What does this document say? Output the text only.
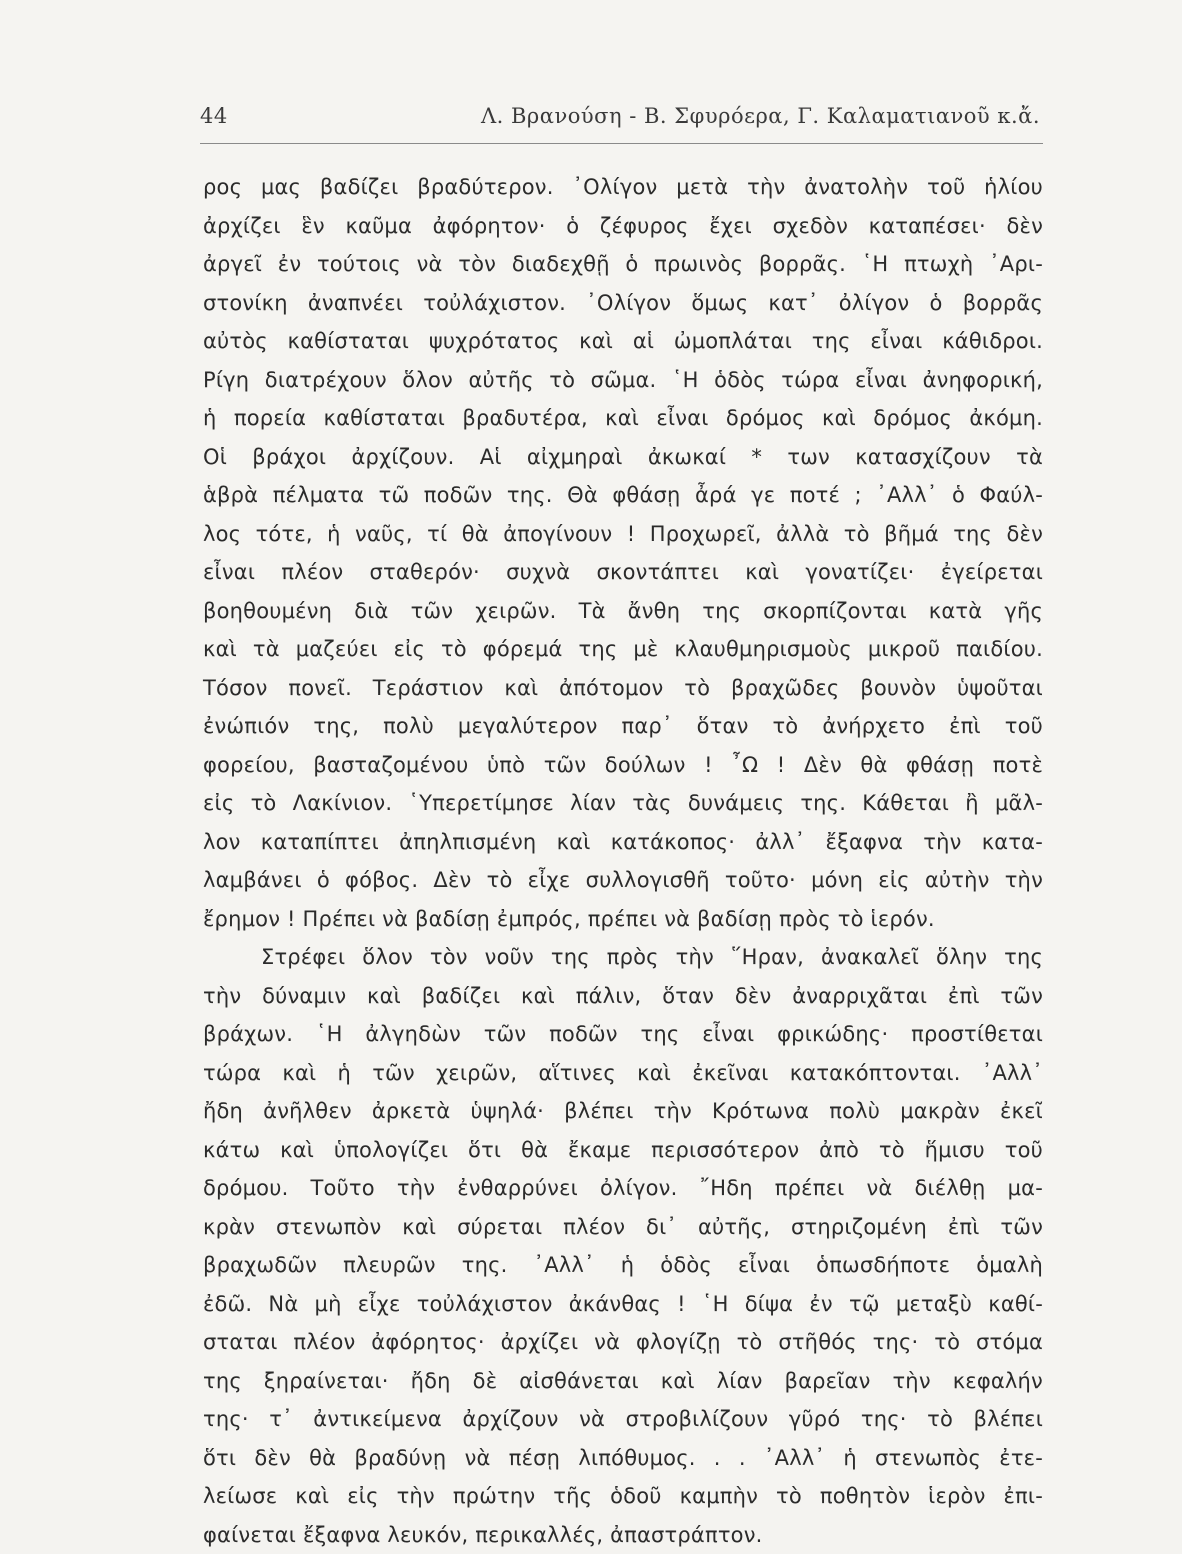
44	Λ. Βρανούση - Β. Σφυρόερα, Γ. Καλαματιανοῦ κ.ἄ.
ρος μας βαδίζει βραδύτερον. ᾿Ολίγον μετὰ τὴν ἀνατολὴν τοῦ ἡλίου
ἀρχίζει ἓν καῦμα ἀφόρητον· ὁ ζέφυρος ἔχει σχεδὸν καταπέσει· δὲν
ἀργεῖ ἐν τούτοις νὰ τὸν διαδεχθῇ ὁ πρωινὸς βορρᾶς. ῾Η πτωχὴ ᾿Αρι-
στονίκη ἀναπνέει τοὐλάχιστον. ᾿Ολίγον ὅμως κατ᾿ ὀλίγον ὁ βορρᾶς
αὐτὸς καθίσταται ψυχρότατος καὶ αἱ ὠμοπλάται της εἶναι κάθιδροι.
Ρίγη διατρέχουν ὅλον αὐτῆς τὸ σῶμα. ῾Η ὁδὸς τώρα εἶναι ἀνηφορική,
ἡ πορεία καθίσταται βραδυτέρα, καὶ εἶναι δρόμος καὶ δρόμος ἀκόμη.
Οἱ βράχοι ἀρχίζουν. Αἱ αἰχμηραὶ ἀκωκαί * των κατασχίζουν τὰ
ἁβρὰ πέλματα τῶ ποδῶν της. Θὰ φθάσῃ ἆρά γε ποτέ ; ᾿Αλλ᾿ ὁ Φαύλ-
λος τότε, ἡ ναῦς, τί θὰ ἀπογίνουν ! Προχωρεῖ, ἀλλὰ τὸ βῆμά της δὲν
εἶναι πλέον σταθερόν· συχνὰ σκοντάπτει καὶ γονατίζει· ἐγείρεται
βοηθουμένη διὰ τῶν χειρῶν. Τὰ ἄνθη της σκορπίζονται κατὰ γῆς
καὶ τὰ μαζεύει εἰς τὸ φόρεμά της μὲ κλαυθμηρισμοὺς μικροῦ παιδίου.
Τόσον πονεῖ. Τεράστιον καὶ ἀπότομον τὸ βραχῶδες βουνὸν ὑψοῦται
ἐνώπιόν της, πολὺ μεγαλύτερον παρ᾿ ὅταν τὸ ἀνήρχετο ἐπὶ τοῦ
φορείου, βασταζομένου ὑπὸ τῶν δούλων ! ῏Ω ! Δὲν θὰ φθάσῃ ποτὲ
εἰς τὸ Λακίνιον. ῾Υπερετίμησε λίαν τὰς δυνάμεις της. Κάθεται ἢ μᾶλ-
λον καταπίπτει ἀπηλπισμένη καὶ κατάκοπος· ἀλλ᾿ ἔξαφνα τὴν κατα-
λαμβάνει ὁ φόβος. Δὲν τὸ εἶχε συλλογισθῆ τοῦτο· μόνη εἰς αὐτὴν τὴν
ἔρημον ! Πρέπει νὰ βαδίσῃ ἐμπρός, πρέπει νὰ βαδίσῃ πρὸς τὸ ἱερόν.
Στρέφει ὅλον τὸν νοῦν της πρὸς τὴν ῞Ηραν, ἀνακαλεῖ ὅλην της
τὴν δύναμιν καὶ βαδίζει καὶ πάλιν, ὅταν δὲν ἀναρριχᾶται ἐπὶ τῶν
βράχων. ῾Η ἀλγηδὼν τῶν ποδῶν της εἶναι φρικώδης· προστίθεται
τώρα καὶ ἡ τῶν χειρῶν, αἵτινες καὶ ἐκεῖναι κατακόπτονται. ᾿Αλλ᾿
ἤδη ἀνῆλθεν ἀρκετὰ ὑψηλά· βλέπει τὴν Κρότωνα πολὺ μακρὰν ἐκεῖ
κάτω καὶ ὑπολογίζει ὅτι θὰ ἔκαμε περισσότερον ἀπὸ τὸ ἥμισυ τοῦ
δρόμου. Τοῦτο τὴν ἐνθαρρύνει ὀλίγον. ῎Ηδη πρέπει νὰ διέλθῃ μα-
κρὰν στενωπὸν καὶ σύρεται πλέον δι᾿ αὐτῆς, στηριζομένη ἐπὶ τῶν
βραχωδῶν πλευρῶν της. ᾿Αλλ᾿ ἡ ὁδὸς εἶναι ὁπωσδήποτε ὁμαλὴ
ἐδῶ. Νὰ μὴ εἶχε τοὐλάχιστον ἀκάνθας ! ῾Η δίψα ἐν τῷ μεταξὺ καθί-
σταται πλέον ἀφόρητος· ἀρχίζει νὰ φλογίζῃ τὸ στῆθός της· τὸ στόμα
της ξηραίνεται· ἤδη δὲ αἰσθάνεται καὶ λίαν βαρεῖαν τὴν κεφαλήν
της· τ᾿ ἀντικείμενα ἀρχίζουν νὰ στροβιλίζουν γῦρό της· τὸ βλέπει
ὅτι δὲν θὰ βραδύνῃ νὰ πέσῃ λιπόθυμος. . . ᾿Αλλ᾿ ἡ στενωπὸς ἐτε-
λείωσε καὶ εἰς τὴν πρώτην τῆς ὁδοῦ καμπὴν τὸ ποθητὸν ἱερὸν ἐπι-
φαίνεται ἔξαφνα λευκόν, περικαλλές, ἀπαστράπτον.
